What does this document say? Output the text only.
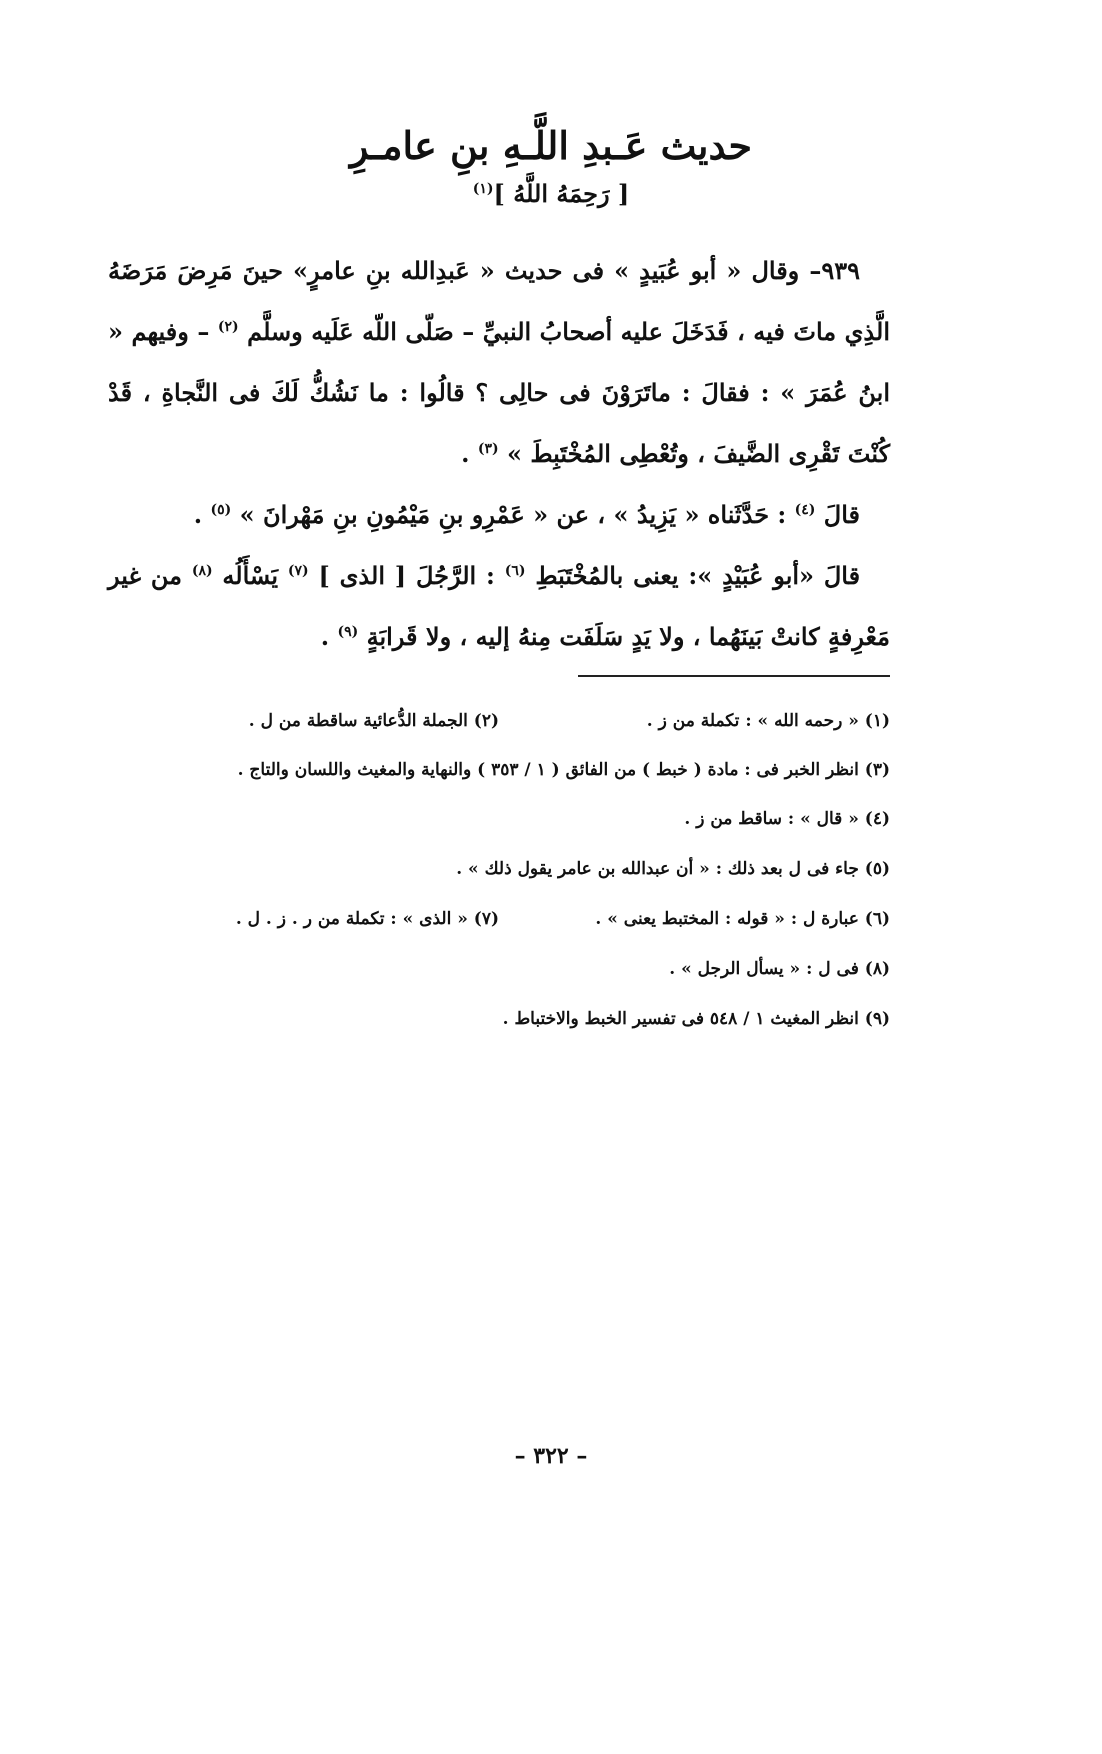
حديث عَـبدِ اللَّـهِ بنِ عامـرِ
[ رَحِمَهُ اللَّهُ ]$^{(١)}$

٩٣٩– وقال « أبو عُبَيدٍ » فى حديث « عَبدِالله بنِ عامرٍ» حينَ مَرِضَ مَرَضَهُ الَّذِي ماتَ فيه ، فَدَخَلَ عليه أصحابُ النبيِّ – صَلّى اللّه عَلَيه وسلَّم $^{(٢)}$ – وفيهم « ابنُ عُمَرَ » : فقالَ : ماتَرَوْنَ فى حالِى ؟ قالُوا : ما نَشُكُّ لَكَ فى النَّجاةِ ، قَدْ كُنْتَ تَقْرِى الضَّيفَ ، وتُعْطِى المُخْتَبِطَ » $^{(٣)}$ .

قالَ $^{(٤)}$ : حَدَّثَناه « يَزِيدُ » ، عن « عَمْرِو بنِ مَيْمُونِ بنِ مَهْرانَ » $^{(٥)}$ .

قالَ «أبو عُبَيْدٍ »: يعنى بالمُخْتَبَطِ $^{(٦)}$ : الرَّجُلَ [ الذى ] $^{(٧)}$ يَسْأَلُه $^{(٨)}$ من غير مَعْرِفةٍ كانتْ بَينَهُما ، ولا يَدٍ سَلَفَت مِنهُ إليه ، ولا قَرابَةٍ $^{(٩)}$ .

(١) « رحمه الله » : تكملة من ز .
(٢) الجملة الدُّعائية ساقطة من ل .
(٣) انظر الخبر فى : مادة ( خبط ) من الفائق ( ١ / ٣٥٣ ) والنهاية والمغيث واللسان والتاج .
(٤) « قال » : ساقط من ز .
(٥) جاء فى ل بعد ذلك : « أن عبدالله بن عامر يقول ذلك » .
(٦) عبارة ل : « قوله : المختبط يعنى » .
(٧) « الذى » : تكملة من ر . ز . ل .
(٨) فى ل : « يسأل الرجل » .
(٩) انظر المغيث ١ / ٥٤٨ فى تفسير الخبط والاختباط .
– ٣٢٢ –
